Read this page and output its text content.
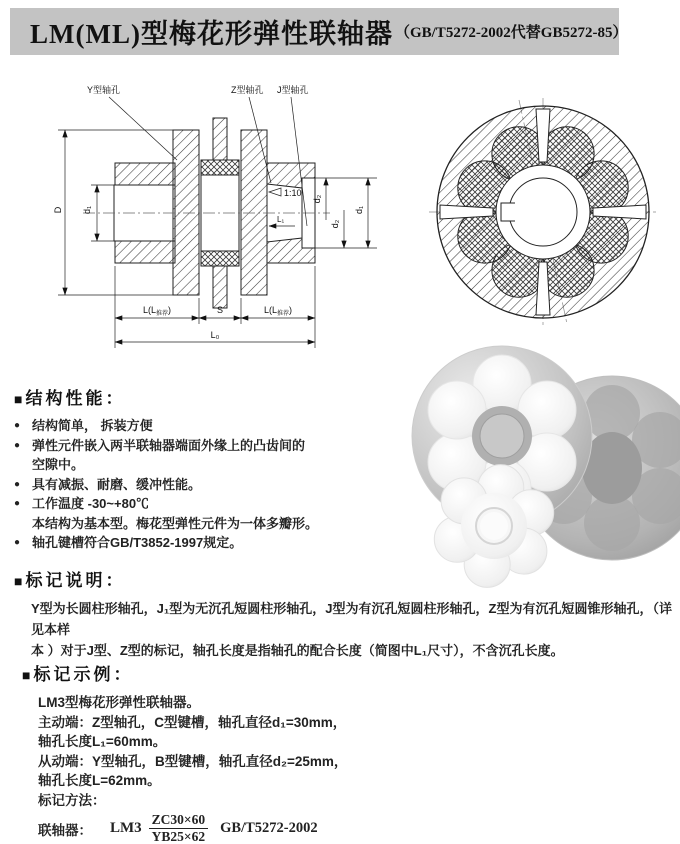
LM(ML)型梅花形弹性联轴器 （GB/T5272-2002代替GB5272-85）
Y型轴孔	Z型轴孔 J型轴孔
1:10
L₁
D d₁
d₂
d₂
d₁
$L(L_{推荐})$	S	$L(L_{推荐})$
L₀
■ 结构性能：
● 结构简单， 拆装方便
● 弹性元件嵌入两半联轴器端面外缘上的凸齿间的
空隙中。
● 具有减振、耐磨、缓冲性能。
● 工作温度 -30~+80℃
本结构为基本型。梅花型弹性元件为一体多瓣形。
● 轴孔键槽符合GB/T3852-1997规定。
■ 标记说明：
Y型为长圆柱形轴孔，J₁型为无沉孔短圆柱形轴孔，J型为有沉孔短圆柱形轴孔，Z型为有沉孔短圆锥形轴孔，（详见本样
本 ）对于J型、Z型的标记，轴孔长度是指轴孔的配合长度（简图中L₁尺寸），不含沉孔长度。
■ 标记示例：
LM3型梅花形弹性联轴器。
主动端：Z型轴孔，C型键槽，轴孔直径d₁=30mm，
轴孔长度L₁=60mm。
从动端：Y型轴孔，B型键槽，轴孔直径d₂=25mm，
轴孔长度L=62mm。
标记方法：
联轴器： $LM3 \frac{ZC30\times 60}{YB25\times 62} GB/T5272-2002$
